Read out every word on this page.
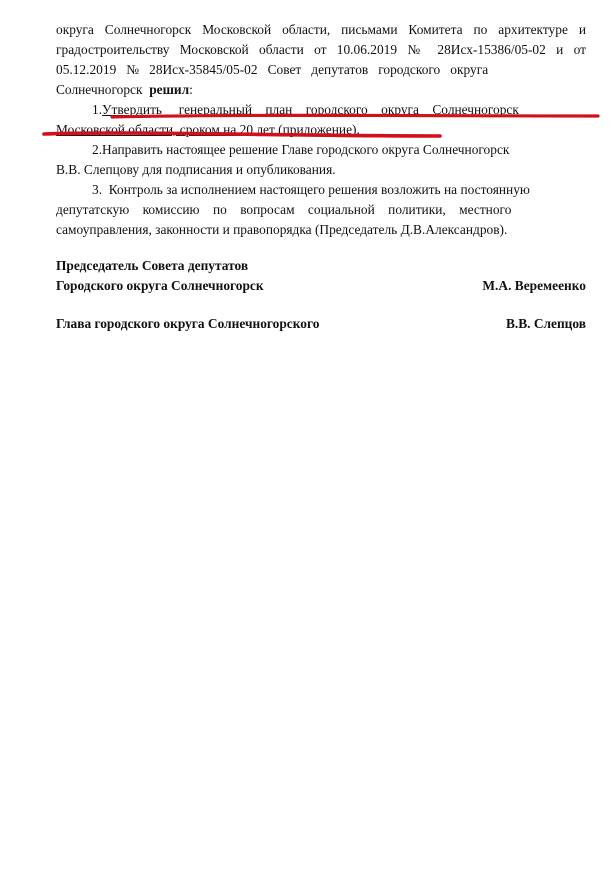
округа Солнечногорск Московской области, письмами Комитета по архитектуре и
градостроительству Московской области от 10.06.2019 № 28Исх-15386/05-02 и от
05.12.2019   №   28Исх-35845/05-02   Совет   депутатов   городского   округа
Солнечногорск  решил:
1.Утвердить     генеральный    план    городского    округа    Солнечногорск
Московской области, сроком на 20 лет (приложение).
2.Направить настоящее решение Главе городского округа Солнечногорск
В.В. Слепцову для подписания и опубликования.
3.  Контроль за исполнением настоящего решения возложить на постоянную
депутатскую    комиссию    по    вопросам    социальной    политики,    местного
самоуправления, законности и правопорядка (Председатель Д.В.Александров).
Председатель Совета депутатов
Городского округа Солнечногорск	М.А. Веремеенко
Глава городского округа Солнечногорского	В.В. Слепцов
